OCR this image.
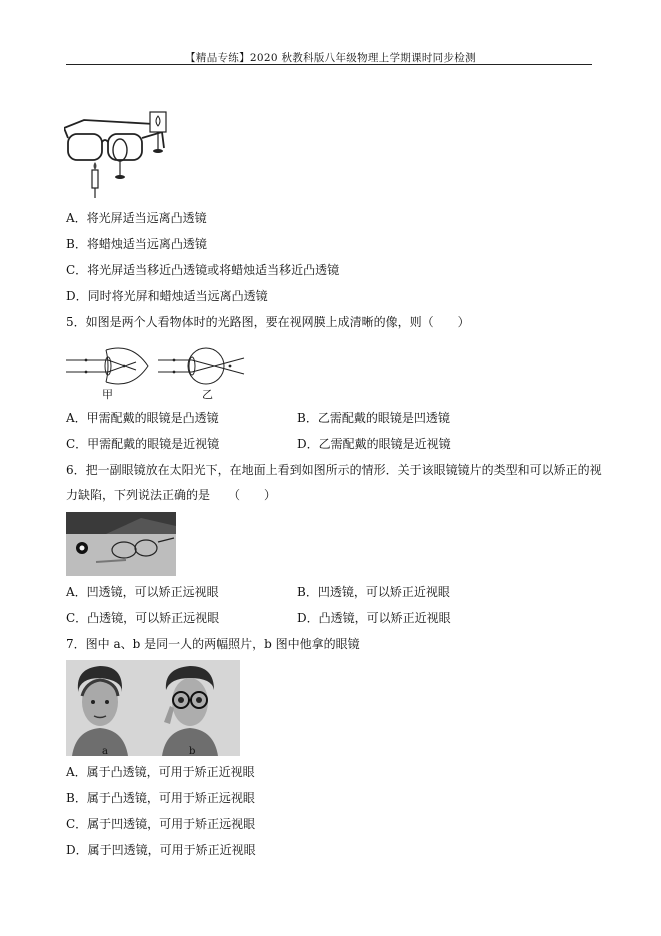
【精品专练】2020 秋教科版八年级物理上学期课时同步检测
A．将光屏适当远离凸透镜
B．将蜡烛适当远离凸透镜
C．将光屏适当移近凸透镜或将蜡烛适当移近凸透镜
D．同时将光屏和蜡烛适当远离凸透镜
5．如图是两个人看物体时的光路图，要在视网膜上成清晰的像，则（　　）
甲	乙
A．甲需配戴的眼镜是凸透镜	B．乙需配戴的眼镜是凹透镜
C．甲需配戴的眼镜是近视镜	D．乙需配戴的眼镜是近视镜
6．把一副眼镜放在太阳光下，在地面上看到如图所示的情形．关于该眼镜镜片的类型和可以矫正的视
力缺陷，下列说法正确的是　　（　　）
A．凹透镜，可以矫正远视眼	B．凹透镜，可以矫正近视眼
C．凸透镜，可以矫正远视眼	D．凸透镜，可以矫正近视眼
7．图中 a、b 是同一人的两幅照片，b 图中他拿的眼镜
a	b
A．属于凸透镜，可用于矫正近视眼
B．属于凸透镜，可用于矫正远视眼
C．属于凹透镜，可用于矫正远视眼
D．属于凹透镜，可用于矫正近视眼
